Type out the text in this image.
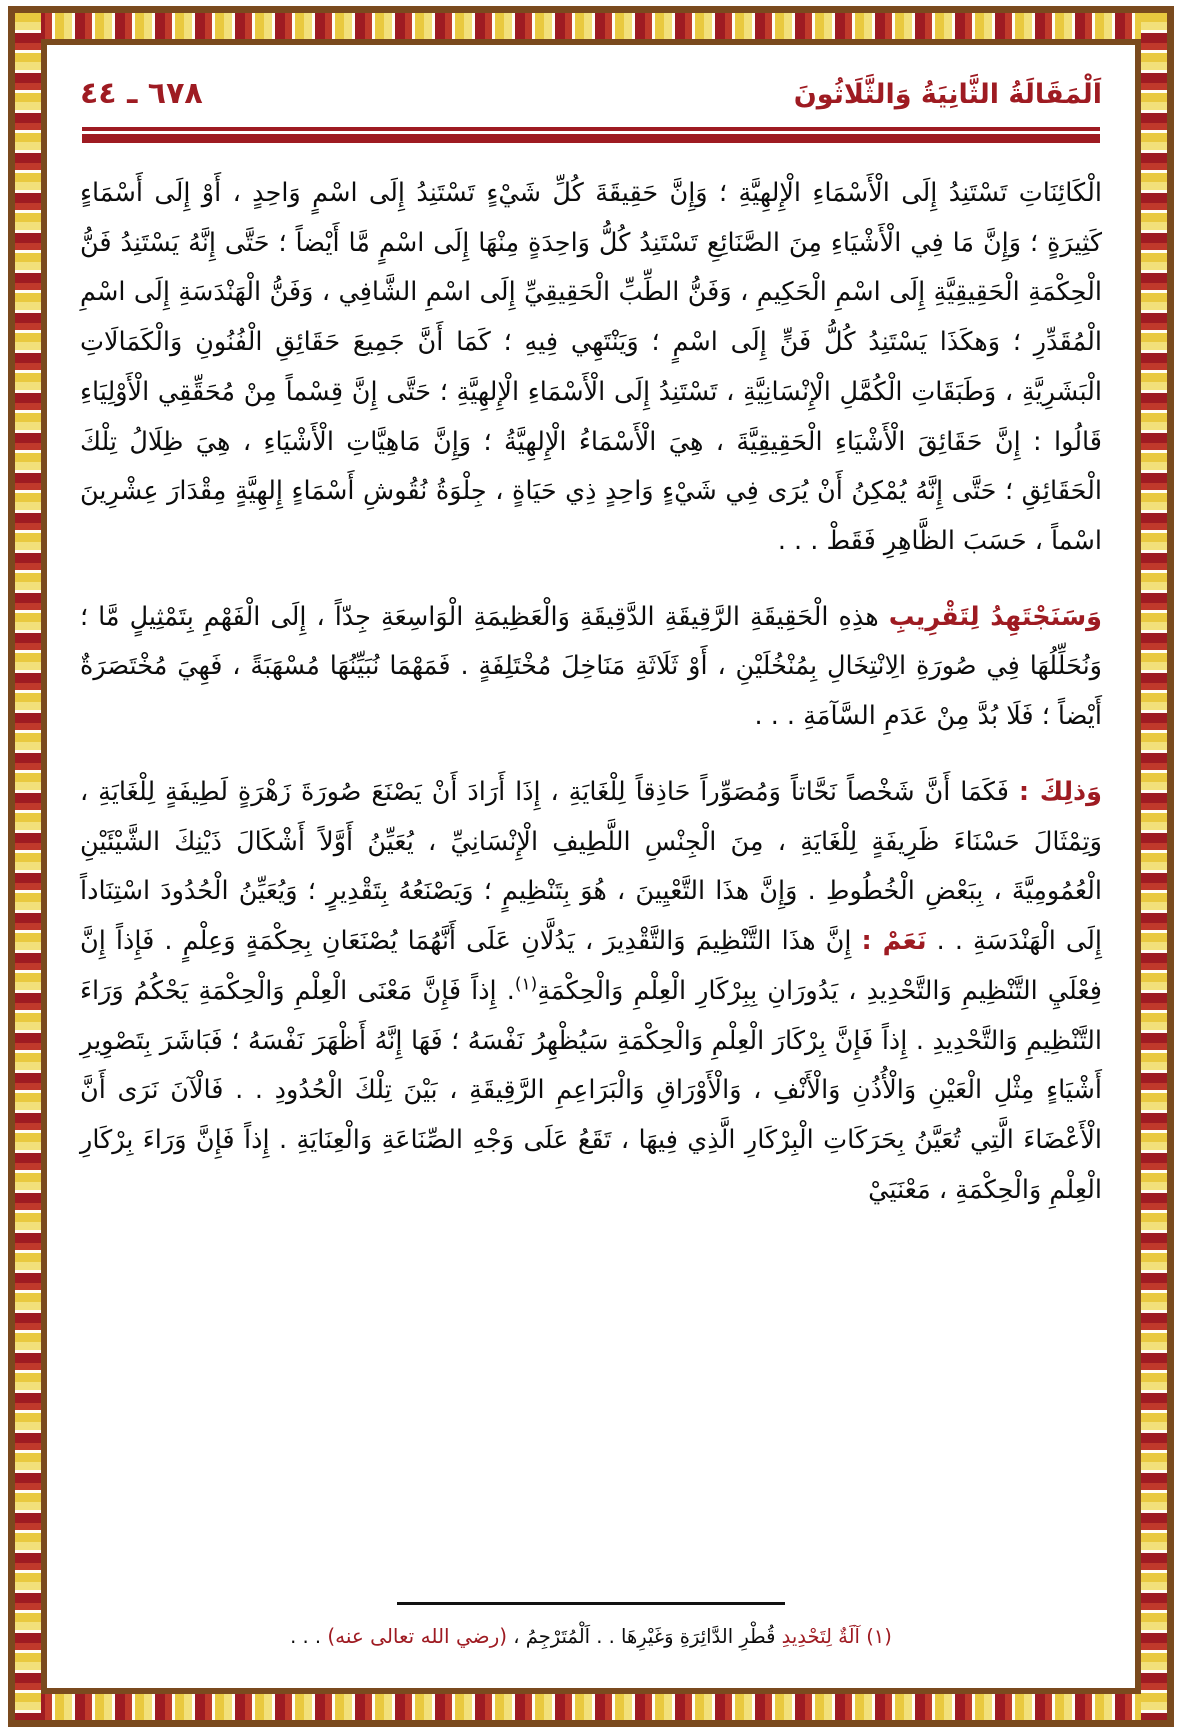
اَلْمَقَالَةُ الثَّانِيَةُ وَالثَّلَاثُونَ
٦٧٨ ـ ٤٤

الْكَائِنَاتِ تَسْتَنِدُ إِلَى الْأَسْمَاءِ الْإِلهِيَّةِ ؛ وَإِنَّ حَقِيقَةَ كُلِّ شَيْءٍ تَسْتَنِدُ إِلَى اسْمٍ وَاحِدٍ ، أَوْ إِلَى أَسْمَاءٍ كَثِيرَةٍ ؛ وَإِنَّ مَا فِي الْأَشْيَاءِ مِنَ الصَّنَائِعِ تَسْتَنِدُ كُلُّ وَاحِدَةٍ مِنْهَا إِلَى اسْمٍ مَّا أَيْضاً ؛ حَتَّى إِنَّهُ يَسْتَنِدُ فَنُّ الْحِكْمَةِ الْحَقِيقِيَّةِ إِلَى اسْمِ الْحَكِيمِ ، وَفَنُّ الطِّبِّ الْحَقِيقِيِّ إِلَى اسْمِ الشَّافِي ، وَفَنُّ الْهَنْدَسَةِ إِلَى اسْمِ الْمُقَدِّرِ ؛ وَهكَذَا يَسْتَنِدُ كُلُّ فَنٍّ إِلَى اسْمٍ ؛ وَيَنْتَهِي فِيهِ ؛ كَمَا أَنَّ جَمِيعَ حَقَائِقِ الْفُنُونِ وَالْكَمَالَاتِ الْبَشَرِيَّةِ ، وَطَبَقَاتِ الْكُمَّلِ الْإِنْسَانِيَّةِ ، تَسْتَنِدُ إِلَى الْأَسْمَاءِ الْإِلهِيَّةِ ؛ حَتَّى إِنَّ قِسْماً مِنْ مُحَقِّقِي الْأَوْلِيَاءِ قَالُوا : إِنَّ حَقَائِقَ الْأَشْيَاءِ الْحَقِيقِيَّةَ ، هِيَ الْأَسْمَاءُ الْإِلهِيَّةُ ؛ وَإِنَّ مَاهِيَّاتِ الْأَشْيَاءِ ، هِيَ ظِلَالُ تِلْكَ الْحَقَائِقِ ؛ حَتَّى إِنَّهُ يُمْكِنُ أَنْ يُرَى فِي شَيْءٍ وَاحِدٍ ذِي حَيَاةٍ ، جِلْوَةُ نُقُوشِ أَسْمَاءٍ إِلهِيَّةٍ مِقْدَارَ عِشْرِينَ اسْماً ، حَسَبَ الظَّاهِرِ فَقَطْ . . .

وَسَنَجْتَهِدُ لِتَقْرِيبِ هذِهِ الْحَقِيقَةِ الرَّقِيقَةِ الدَّقِيقَةِ وَالْعَظِيمَةِ الْوَاسِعَةِ جِدّاً ، إِلَى الْفَهْمِ بِتَمْثِيلٍ مَّا ؛ وَنُحَلِّلُهَا فِي صُورَةِ الِانْتِخَالِ بِمُنْخُلَيْنِ ، أَوْ ثَلَاثَةِ مَنَاخِلَ مُخْتَلِفَةٍ . فَمَهْمَا نُبَيِّنُهَا مُسْهَبَةً ، فَهِيَ مُخْتَصَرَةٌ أَيْضاً ؛ فَلَا بُدَّ مِنْ عَدَمِ السَّآمَةِ . . .

وَذلِكَ : فَكَمَا أَنَّ شَخْصاً نَحَّاتاً وَمُصَوِّراً حَاذِقاً لِلْغَايَةِ ، إِذَا أَرَادَ أَنْ يَصْنَعَ صُورَةَ زَهْرَةٍ لَطِيفَةٍ لِلْغَايَةِ ، وَتِمْثَالَ حَسْنَاءَ ظَرِيفَةٍ لِلْغَايَةِ ، مِنَ الْجِنْسِ اللَّطِيفِ الْإِنْسَانِيِّ ، يُعَيِّنُ أَوَّلاً أَشْكَالَ ذَيْنِكَ الشَّيْئَيْنِ الْعُمُومِيَّةَ ، بِبَعْضِ الْخُطُوطِ . وَإِنَّ هذَا التَّعْيِينَ ، هُوَ بِتَنْظِيمٍ ؛ وَيَصْنَعُهُ بِتَقْدِيرٍ ؛ وَيُعَيِّنُ الْحُدُودَ اسْتِنَاداً إِلَى الْهَنْدَسَةِ . . نَعَمْ : إِنَّ هذَا التَّنْظِيمَ وَالتَّقْدِيرَ ، يَدُلَّانِ عَلَى أَنَّهُمَا يُصْنَعَانِ بِحِكْمَةٍ وَعِلْمٍ . فَإِذاً إِنَّ فِعْلَيِ التَّنْظِيمِ وَالتَّحْدِيدِ ، يَدُورَانِ بِبِرْكَارِ الْعِلْمِ وَالْحِكْمَةِ$^{(١)}$. إِذاً فَإِنَّ مَعْنَى الْعِلْمِ وَالْحِكْمَةِ يَحْكُمُ وَرَاءَ التَّنْظِيمِ وَالتَّحْدِيدِ . إِذاً فَإِنَّ بِرْكَارَ الْعِلْمِ وَالْحِكْمَةِ سَيُظْهِرُ نَفْسَهُ ؛ فَهَا إِنَّهُ أَظْهَرَ نَفْسَهُ ؛ فَبَاشَرَ بِتَصْوِيرِ أَشْيَاءٍ مِثْلِ الْعَيْنِ وَالْأُذُنِ وَالْأَنْفِ ، وَالْأَوْرَاقِ وَالْبَرَاعِمِ الرَّقِيقَةِ ، بَيْنَ تِلْكَ الْحُدُودِ . . فَالْآنَ نَرَى أَنَّ الْأَعْضَاءَ الَّتِي تُعَيَّنُ بِحَرَكَاتِ الْبِرْكَارِ الَّذِي فِيهَا ، تَقَعُ عَلَى وَجْهِ الصِّنَاعَةِ وَالْعِنَايَةِ . إِذاً فَإِنَّ وَرَاءَ بِرْكَارِ الْعِلْمِ وَالْحِكْمَةِ ، مَعْنَيَيْ

(١) آلَةٌ لِتَحْدِيدِ قُطْرِ الدَّائِرَةِ وَغَيْرِهَا . . اَلْمُتَرْجِمُ ، (رضي الله تعالى عنه) . . .
